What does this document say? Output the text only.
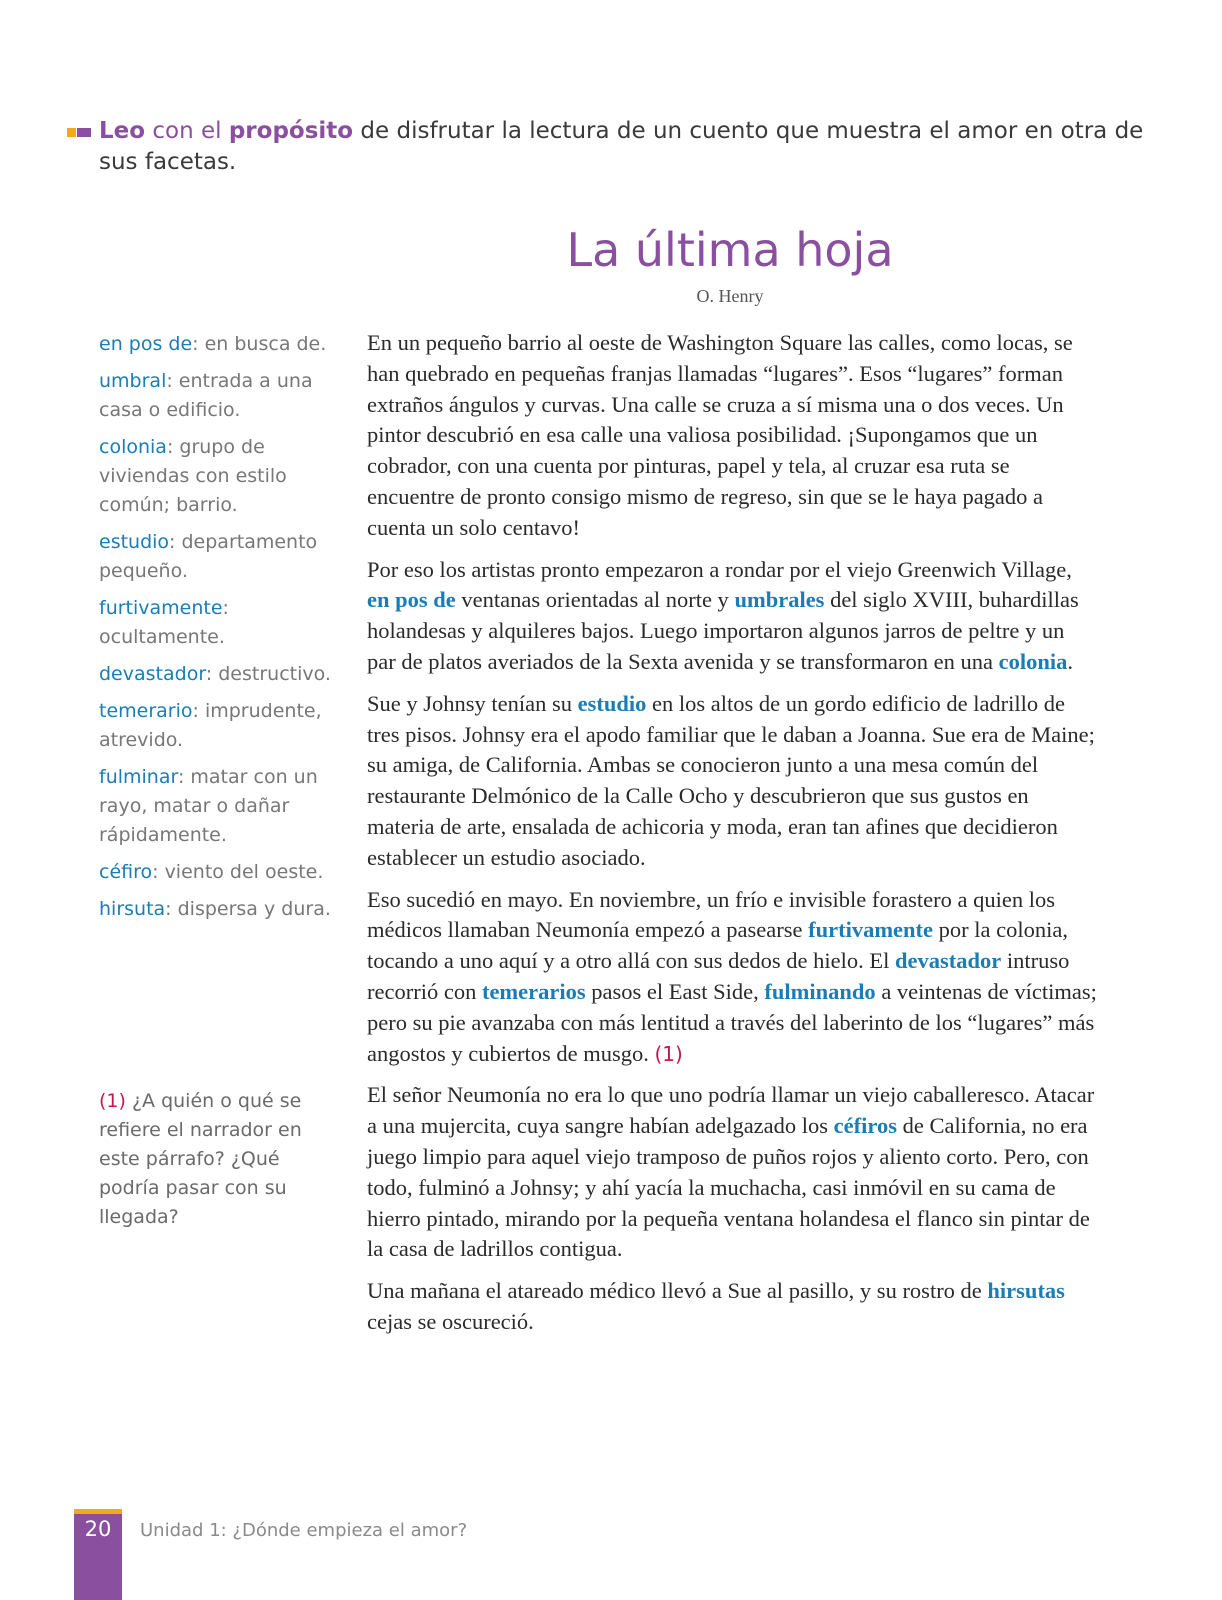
Leo con el propósito de disfrutar la lectura de un cuento que muestra el amor en otra de sus facetas.

La última hoja

O. Henry

en pos de: en busca de.
umbral: entrada a una casa o edificio.
colonia: grupo de viviendas con estilo común; barrio.
estudio: departamento pequeño.
furtivamente: ocultamente.
devastador: destructivo.
temerario: imprudente, atrevido.
fulminar: matar con un rayo, matar o dañar rápidamente.
céfiro: viento del oeste.
hirsuta: dispersa y dura.

(1) ¿A quién o qué se refiere el narrador en este párrafo? ¿Qué podría pasar con su llegada?

En un pequeño barrio al oeste de Washington Square las calles, como locas, se han quebrado en pequeñas franjas llamadas “lugares”. Esos “lugares” forman extraños ángulos y curvas. Una calle se cruza a sí misma una o dos veces. Un pintor descubrió en esa calle una valiosa posibilidad. ¡Supongamos que un cobrador, con una cuenta por pinturas, papel y tela, al cruzar esa ruta se encuentre de pronto consigo mismo de regreso, sin que se le haya pagado a cuenta un solo centavo!

Por eso los artistas pronto empezaron a rondar por el viejo Greenwich Village, en pos de ventanas orientadas al norte y umbrales del siglo XVIII, buhardillas holandesas y alquileres bajos. Luego importaron algunos jarros de peltre y un par de platos averiados de la Sexta avenida y se transformaron en una colonia.

Sue y Johnsy tenían su estudio en los altos de un gordo edificio de ladrillo de tres pisos. Johnsy era el apodo familiar que le daban a Joanna. Sue era de Maine; su amiga, de California. Ambas se conocieron junto a una mesa común del restaurante Delmónico de la Calle Ocho y descubrieron que sus gustos en materia de arte, ensalada de achicoria y moda, eran tan afines que decidieron establecer un estudio asociado.

Eso sucedió en mayo. En noviembre, un frío e invisible forastero a quien los médicos llamaban Neumonía empezó a pasearse furtivamente por la colonia, tocando a uno aquí y a otro allá con sus dedos de hielo. El devastador intruso recorrió con temerarios pasos el East Side, fulminando a veintenas de víctimas; pero su pie avanzaba con más lentitud a través del laberinto de los “lugares” más angostos y cubiertos de musgo. (1)

El señor Neumonía no era lo que uno podría llamar un viejo caballeresco. Atacar a una mujercita, cuya sangre habían adelgazado los céfiros de California, no era juego limpio para aquel viejo tramposo de puños rojos y aliento corto. Pero, con todo, fulminó a Johnsy; y ahí yacía la muchacha, casi inmóvil en su cama de hierro pintado, mirando por la pequeña ventana holandesa el flanco sin pintar de la casa de ladrillos contigua.

Una mañana el atareado médico llevó a Sue al pasillo, y su rostro de hirsutas cejas se oscureció.

20	Unidad 1: ¿Dónde empieza el amor?
